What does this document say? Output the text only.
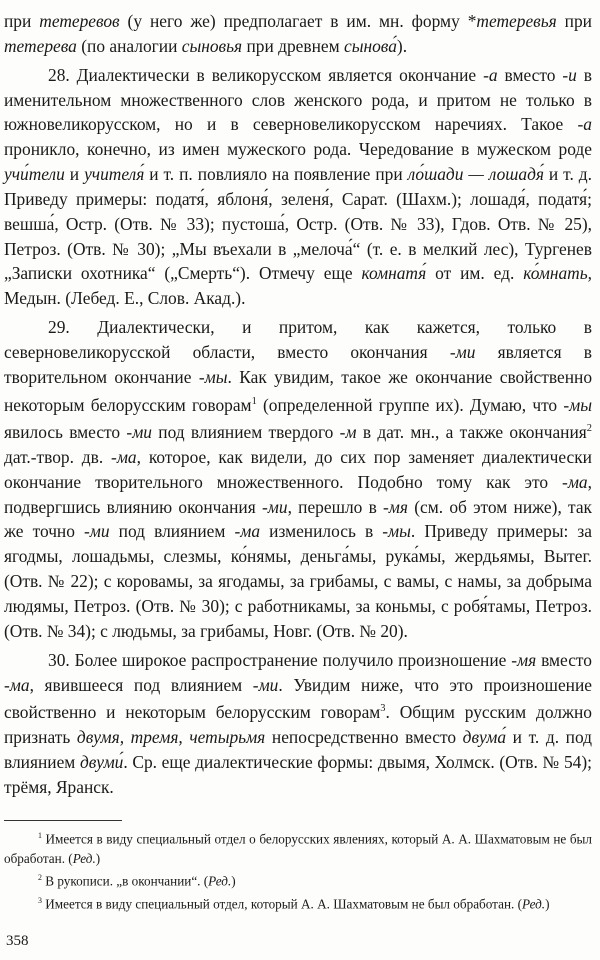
при тетеревов (у него же) предполагает в им. мн. форму *тетеревья при тетерева (по аналогии сыновья при древнем сынова́).

28. Диалектически в великорусском является окончание -а вместо -и в именительном множественного слов женского рода, и притом не только в южновеликорусском, но и в северновеликорусском наречиях. Такое -а проникло, конечно, из имен мужеского рода. Чередование в мужеском роде учи́тели и учителя́ и т. п. повлияло на появление при ло́шади — лошадя́ и т. д. Приведу примеры: податя́, яблоня́, зеленя́, Сарат. (Шахм.); лошадя́, податя́; вешша́, Остр. (Отв. № 33); пустоша́, Остр. (Отв. № 33), Гдов. Отв. № 25), Петроз. (Отв. № 30); „Мы въехали в „мелоча́“ (т. е. в мелкий лес), Тургенев „Записки охотника“ („Смерть“). Отмечу еще комнатя́ от им. ед. ко́мнать, Медын. (Лебед. Е., Слов. Акад.).

29. Диалектически, и притом, как кажется, только в северновеликорусской области, вместо окончания -ми является в творительном окончание -мы. Как увидим, такое же окончание свойственно некоторым белорусским говорам$^1$ (определенной группе их). Думаю, что -мы явилось вместо -ми под влиянием твердого -м в дат. мн., а также окончания$^2$ дат.-твор. дв. -ма, которое, как видели, до сих пор заменяет диалектически окончание творительного множественного. Подобно тому как это -ма, подвергшись влиянию окончания -ми, перешло в -мя (см. об этом ниже), так же точно -ми под влиянием -ма изменилось в -мы. Приведу примеры: за ягодмы, лошадьмы, слезмы, ко́нямы, деньга́мы, рука́мы, жердьямы, Вытег. (Отв. № 22); с коровамы, за ягодамы, за грибамы, с вамы, с намы, за добрыма людямы, Петроз. (Отв. № 30); с работникамы, за коньмы, с робя́тамы, Петроз. (Отв. № 34); с людьмы, за грибамы, Новг. (Отв. № 20).

30. Более широкое распространение получило произношение -мя вместо -ма, явившееся под влиянием -ми. Увидим ниже, что это произношение свойственно и некоторым белорусским говорам$^3$. Общим русским должно признать двумя, тремя, четырьмя непосредственно вместо двума́ и т. д. под влиянием двуми́. Ср. еще диалектические формы: двымя, Холмск. (Отв. № 54); трёмя, Яранск.

$^1$ Имеется в виду специальный отдел о белорусских явлениях, который А. А. Шахматовым не был обработан. (Ред.)

$^2$ В рукописи. „в окончании“. (Ред.)

$^3$ Имеется в виду специальный отдел, который А. А. Шахматовым не был обработан. (Ред.)

358
